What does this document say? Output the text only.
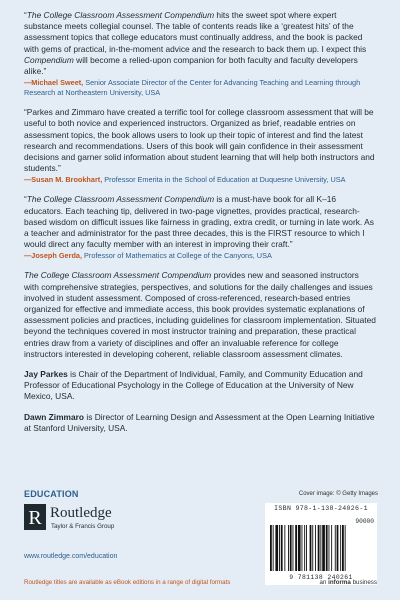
“The College Classroom Assessment Compendium hits the sweet spot where expert substance meets collegial counsel. The table of contents reads like a ‘greatest hits’ of the assessment topics that college educators must continually address, and the book is packed with gems of practical, in-the-moment advice and the research to back them up. I expect this Compendium will become a relied-upon companion for both faculty and faculty developers alike.”

—Michael Sweet, Senior Associate Director of the Center for Advancing Teaching and Learning through Research at Northeastern University, USA

“Parkes and Zimmaro have created a terrific tool for college classroom assessment that will be useful to both novice and experienced instructors. Organized as brief, readable entries on assessment topics, the book allows users to look up their topic of interest and find the latest research and recommendations. Users of this book will gain confidence in their assessment decisions and garner solid information about student learning that will help both instructors and students.”

—Susan M. Brookhart, Professor Emerita in the School of Education at Duquesne University, USA

“The College Classroom Assessment Compendium is a must-have book for all K–16 educators. Each teaching tip, delivered in two-page vignettes, provides practical, research-based wisdom on difficult issues like fairness in grading, extra credit, or turning in late work. As a teacher and administrator for the past three decades, this is the FIRST resource to which I would direct any faculty member with an interest in improving their craft.”

—Joseph Gerda, Professor of Mathematics at College of the Canyons, USA

The College Classroom Assessment Compendium provides new and seasoned instructors with comprehensive strategies, perspectives, and solutions for the daily challenges and issues involved in student assessment. Composed of cross-referenced, research-based entries organized for effective and immediate access, this book provides systematic explanations of assessment policies and practices, including guidelines for classroom implementation. Situated beyond the techniques covered in most instructor training and preparation, these practical entries draw from a variety of disciplines and offer an invaluable reference for college instructors interested in developing coherent, reliable classroom assessment climates.

Jay Parkes is Chair of the Department of Individual, Family, and Community Education and Professor of Educational Psychology in the College of Education at the University of New Mexico, USA.

Dawn Zimmaro is Director of Learning Design and Assessment at the Open Learning Initiative at Stanford University, USA.

EDUCATION
R Routledge
Taylor & Francis Group
www.routledge.com/education
Routledge titles are available as eBook editions in a range of digital formats
Cover image: © Getty Images
ISBN 978-1-138-24026-1
90000
9 781138 240261
an informa business
